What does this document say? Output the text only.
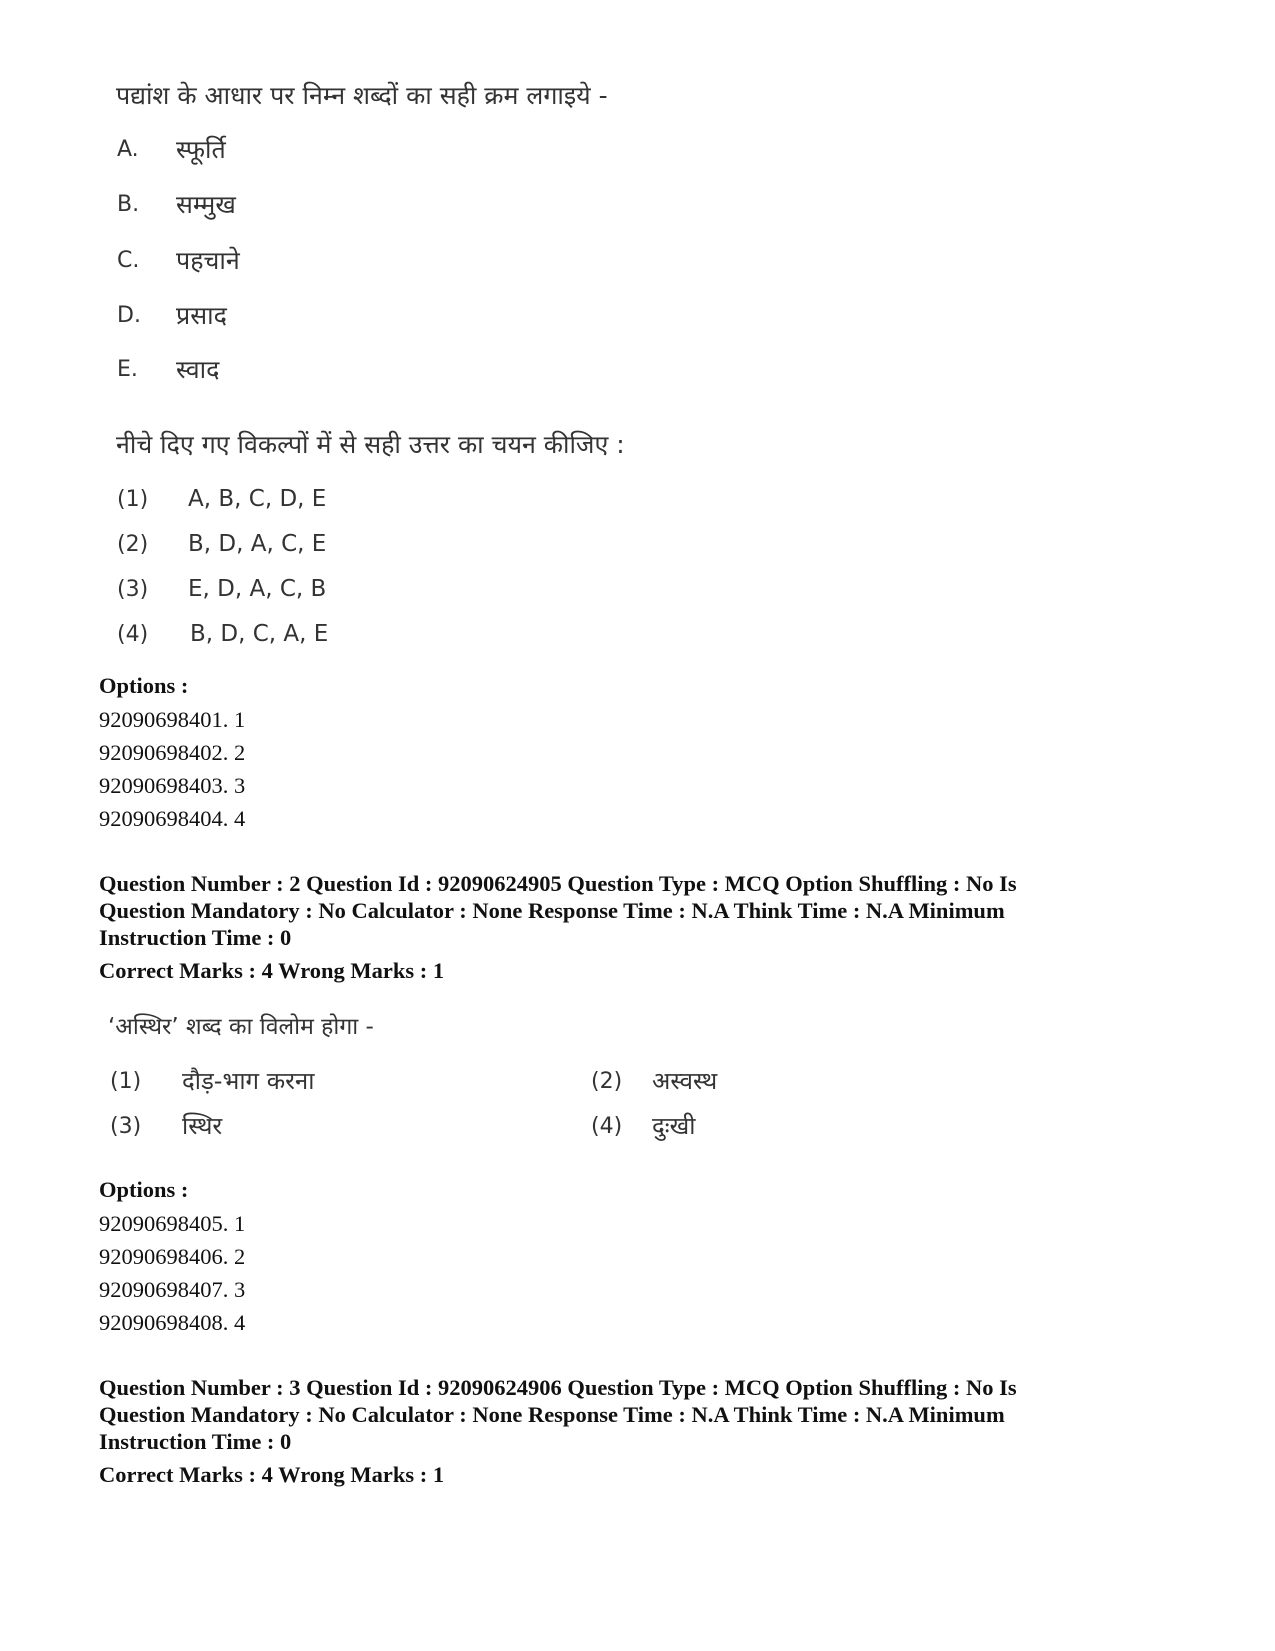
पद्यांश के आधार पर निम्न शब्दों का सही क्रम लगाइये -
A. स्फूर्ति
B. सम्मुख
C. पहचाने
D. प्रसाद
E. स्वाद
नीचे दिए गए विकल्पों में से सही उत्तर का चयन कीजिए :
(1) A, B, C, D, E
(2) B, D, A, C, E
(3) E, D, A, C, B
(4) B, D, C, A, E
Options :
92090698401. 1
92090698402. 2
92090698403. 3
92090698404. 4
Question Number : 2 Question Id : 92090624905 Question Type : MCQ Option Shuffling : No Is
Question Mandatory : No Calculator : None Response Time : N.A Think Time : N.A Minimum
Instruction Time : 0
Correct Marks : 4 Wrong Marks : 1
‘अस्थिर’ शब्द का विलोम होगा -
(1) दौड़-भाग करना	(2) अस्वस्थ
(3) स्थिर	(4) दुःखी
Options :
92090698405. 1
92090698406. 2
92090698407. 3
92090698408. 4
Question Number : 3 Question Id : 92090624906 Question Type : MCQ Option Shuffling : No Is
Question Mandatory : No Calculator : None Response Time : N.A Think Time : N.A Minimum
Instruction Time : 0
Correct Marks : 4 Wrong Marks : 1
